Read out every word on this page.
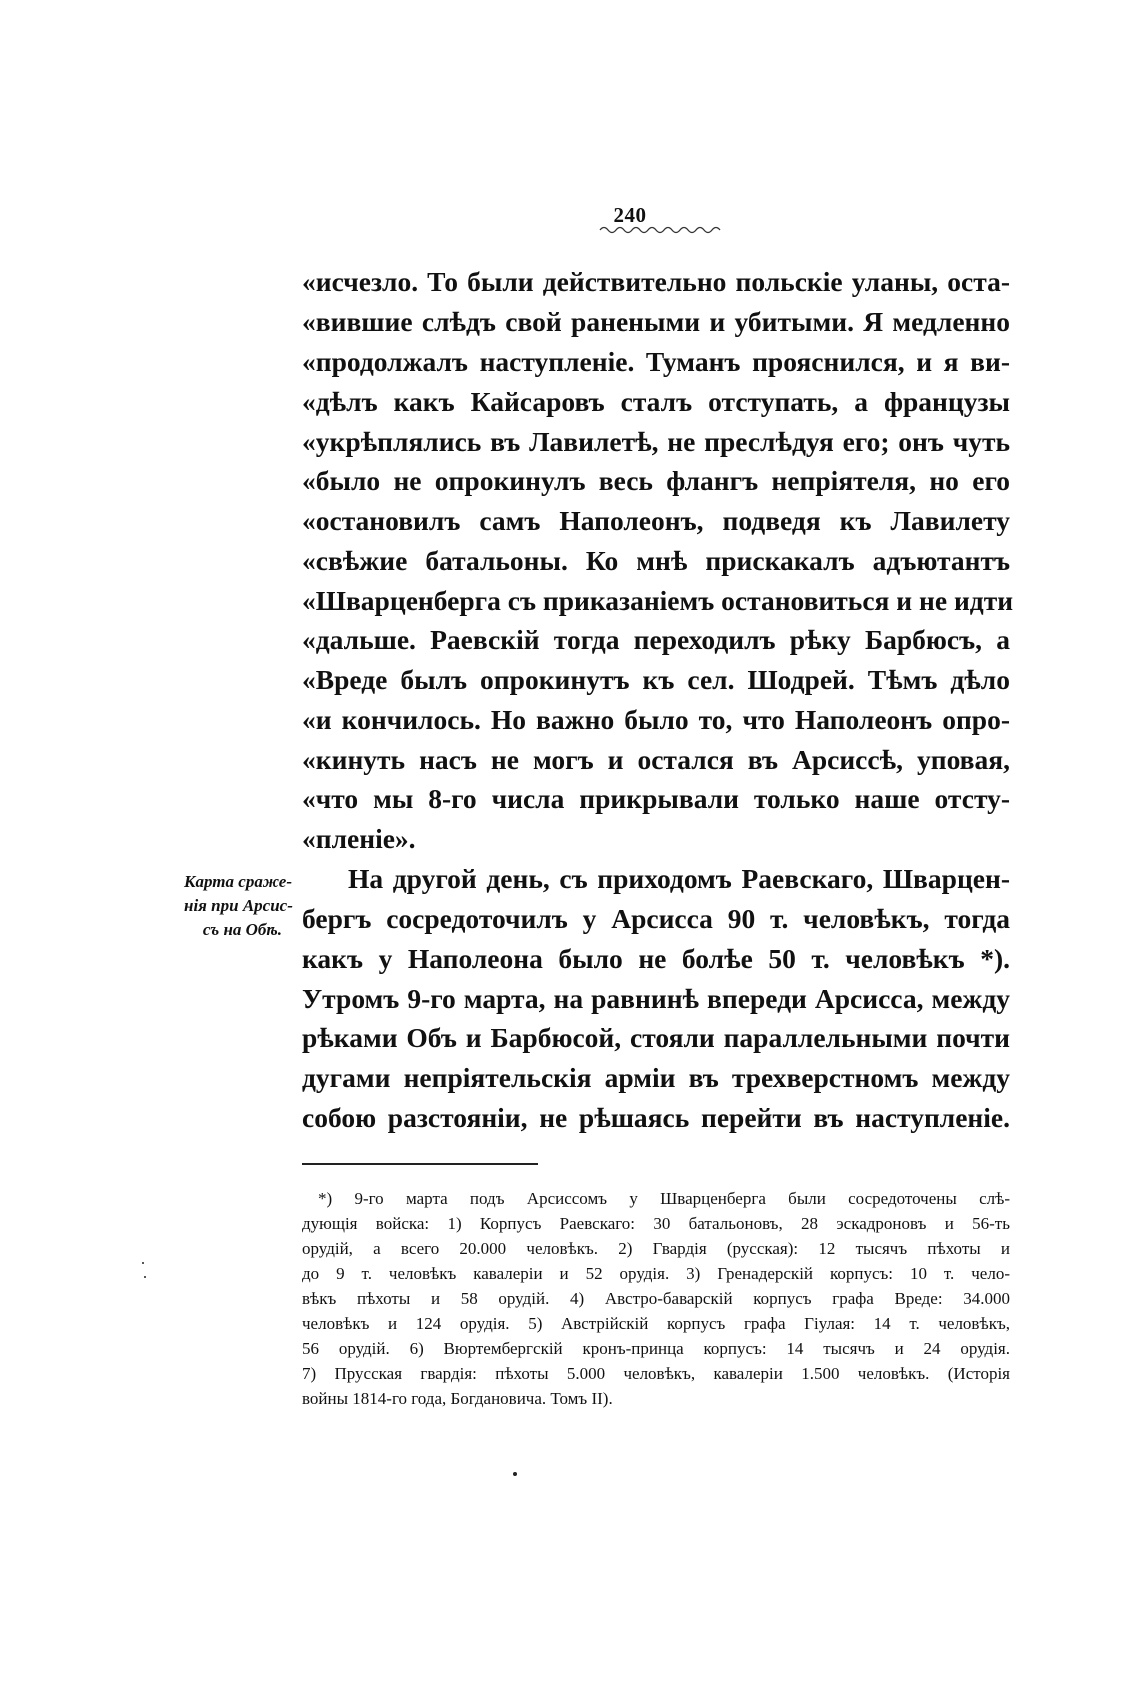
240
«исчезло. То были действительно польскіе уланы, оста-
«вившие слѣдъ свой ранеными и убитыми. Я медленно
«продолжалъ наступленіе. Туманъ прояснился, и я ви-
«дѣлъ какъ Кайсаровъ сталъ отступать, а французы
«укрѣплялись въ Лавилетѣ, не преслѣдуя его; онъ чуть
«было не опрокинулъ весь флангъ непріятеля, но его
«остановилъ самъ Наполеонъ, подведя къ Лавилету
«свѣжие батальоны. Ко мнѣ прискакалъ адъютантъ
«Шварценберга съ приказаніемъ остановиться и не идти
«дальше. Раевскій тогда переходилъ рѣку Барбюсъ, а
«Вреде былъ опрокинутъ къ сел. Шодрей. Тѣмъ дѣло
«и кончилось. Но важно было то, что Наполеонъ опро-
«кинуть насъ не могъ и остался въ Арсиссѣ, уповая,
«что мы 8-го числа прикрывали только наше отсту-
«пленіе».
На другой день, съ приходомъ Раевскаго, Шварцен-
бергъ сосредоточилъ у Арсисса 90 т. человѣкъ, тогда
какъ у Наполеона было не болѣе 50 т. человѣкъ *).
Утромъ 9-го марта, на равнинѣ впереди Арсисса, между
рѣками Объ и Барбюсой, стояли параллельными почти
дугами непріятельскія арміи въ трехверстномъ между
собою разстояніи, не рѣшаясь перейти въ наступленіе.
Карта сраже-
нія при Арсис-
съ на Обѣ.
*) 9-го марта подъ Арсиссомъ у Шварценберга были сосредоточены слѣ-
дующія войска: 1) Корпусъ Раевскаго: 30 батальоновъ, 28 эскадроновъ и 56-ть
орудій, а всего 20.000 человѣкъ. 2) Гвардія (русская): 12 тысячъ пѣхоты и
до 9 т. человѣкъ кавалеріи и 52 орудія. 3) Гренадерскій корпусъ: 10 т. чело-
вѣкъ пѣхоты и 58 орудій. 4) Австро-баварскій корпусъ графа Вреде: 34.000
человѣкъ и 124 орудія. 5) Австрійскій корпусъ графа Гіулая: 14 т. человѣкъ,
56 орудій. 6) Вюртембергскій кронъ-принца корпусъ: 14 тысячъ и 24 орудія.
7) Прусская гвардія: пѣхоты 5.000 человѣкъ, кавалеріи 1.500 человѣкъ. (Исторія
войны 1814-го года, Богдановича. Томъ II).
